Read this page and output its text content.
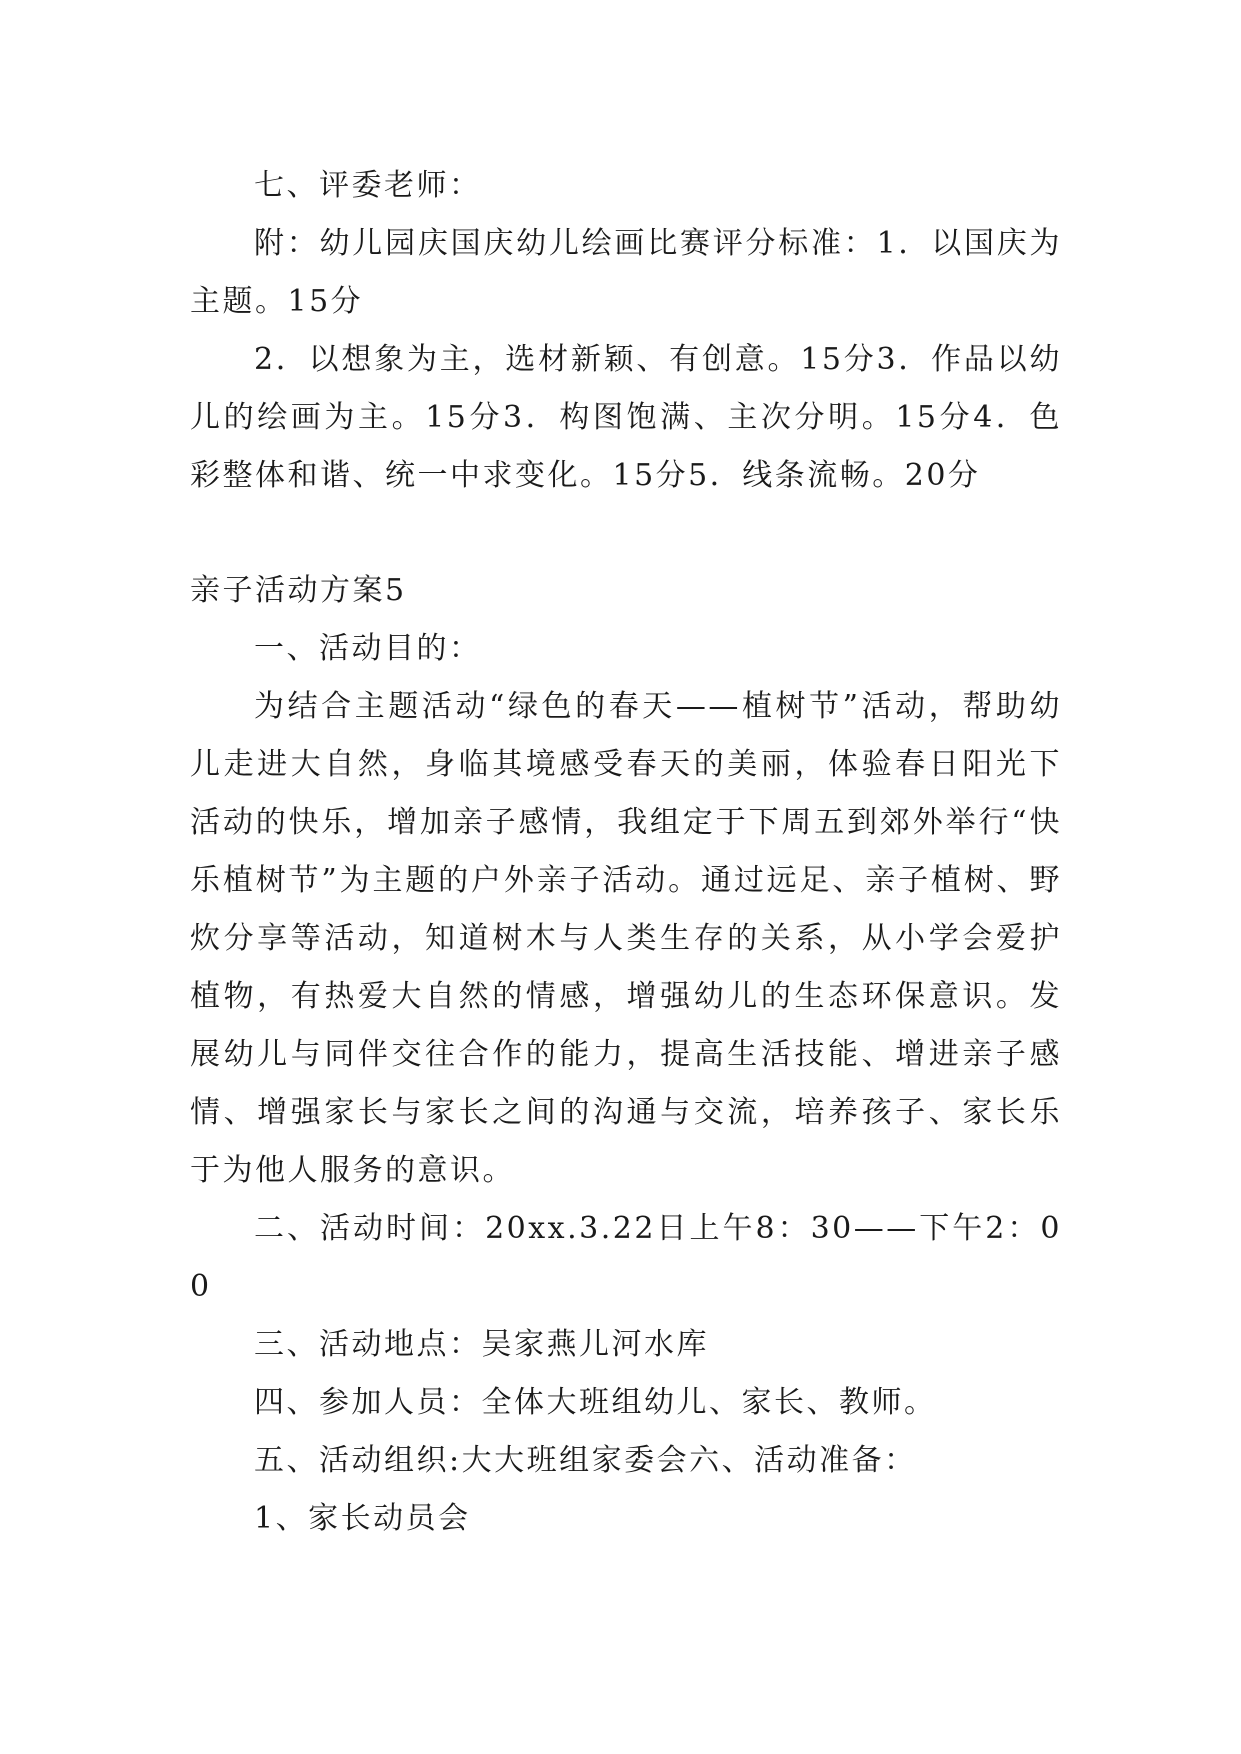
七、评委老师：

附：幼儿园庆国庆幼儿绘画比赛评分标准：1．以国庆为主题。15分

2．以想象为主，选材新颖、有创意。15分3．作品以幼儿的绘画为主。15分3．构图饱满、主次分明。15分4．色彩整体和谐、统一中求变化。15分5．线条流畅。20分

亲子活动方案5

一、活动目的：

为结合主题活动“绿色的春天——植树节”活动，帮助幼儿走进大自然，身临其境感受春天的美丽，体验春日阳光下活动的快乐，增加亲子感情，我组定于下周五到郊外举行“快乐植树节”为主题的户外亲子活动。通过远足、亲子植树、野炊分享等活动，知道树木与人类生存的关系，从小学会爱护植物，有热爱大自然的情感，增强幼儿的生态环保意识。发展幼儿与同伴交往合作的能力，提高生活技能、增进亲子感情、增强家长与家长之间的沟通与交流，培养孩子、家长乐于为他人服务的意识。

二、活动时间：20xx.3.22日上午8：30——下午2：00

三、活动地点：吴家燕儿河水库

四、参加人员：全体大班组幼儿、家长、教师。

五、活动组织:大大班组家委会六、活动准备：

1、家长动员会
